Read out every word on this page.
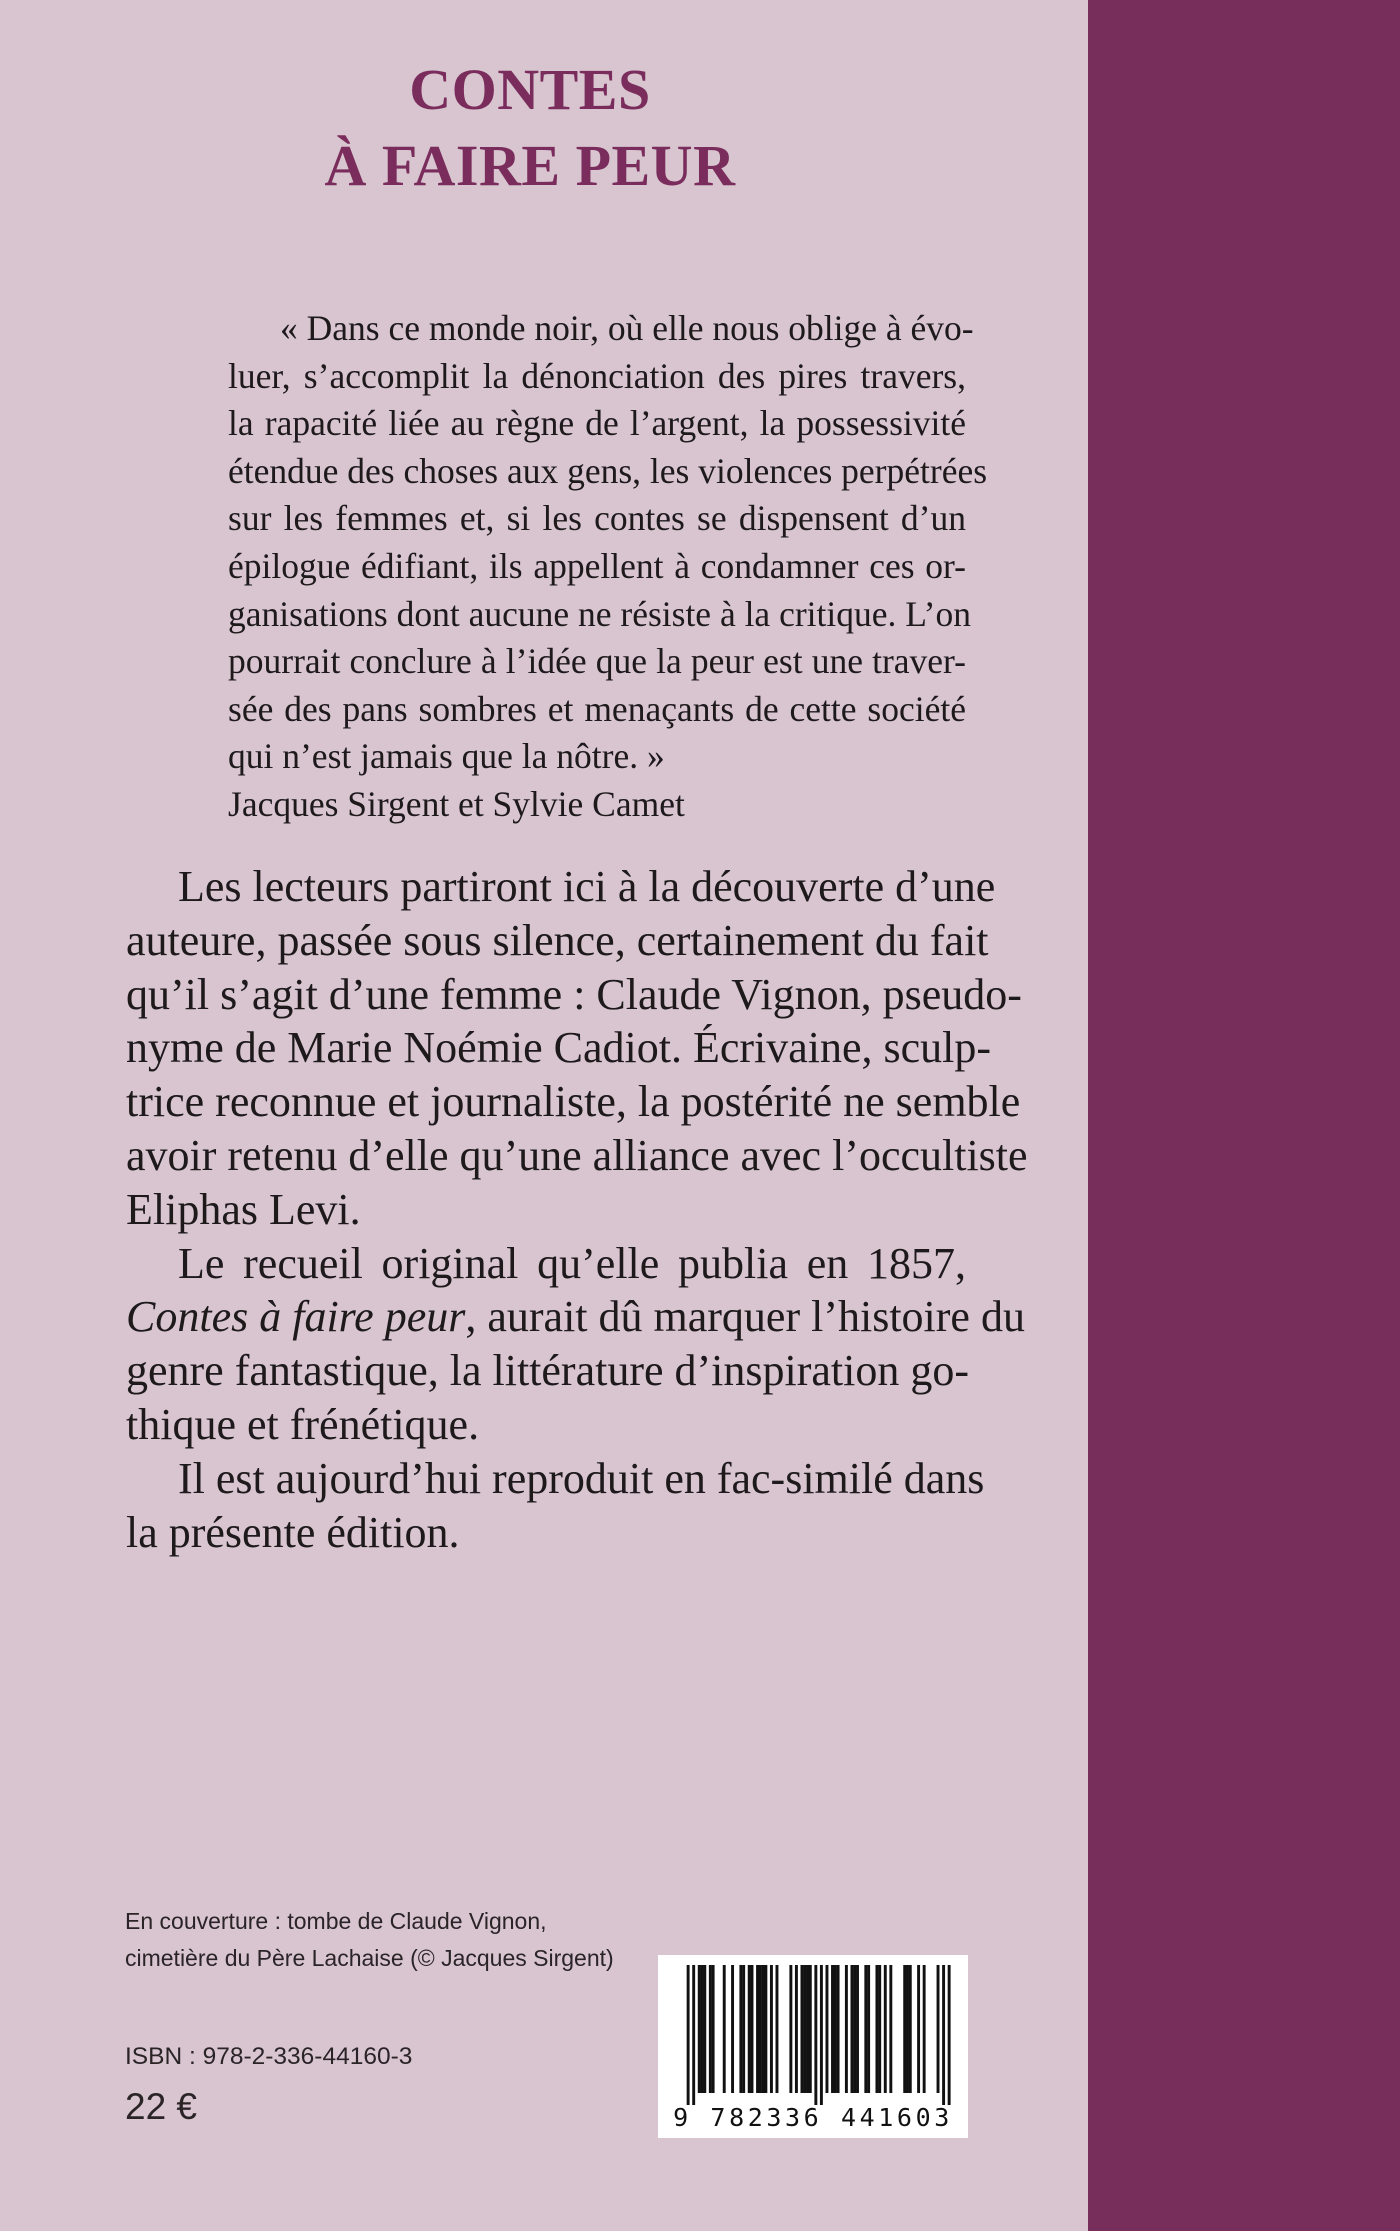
CONTES
À FAIRE PEUR
« Dans ce monde noir, où elle nous oblige à évo-
luer, s’accomplit la dénonciation des pires travers,
la rapacité liée au règne de l’argent, la possessivité
étendue des choses aux gens, les violences perpétrées
sur les femmes et, si les contes se dispensent d’un
épilogue édifiant, ils appellent à condamner ces or-
ganisations dont aucune ne résiste à la critique. L’on
pourrait conclure à l’idée que la peur est une traver-
sée des pans sombres et menaçants de cette société
qui n’est jamais que la nôtre. »
Jacques Sirgent et Sylvie Camet
Les lecteurs partiront ici à la découverte d’une
auteure, passée sous silence, certainement du fait
qu’il s’agit d’une femme : Claude Vignon, pseudo-
nyme de Marie Noémie Cadiot. Écrivaine, sculp-
trice reconnue et journaliste, la postérité ne semble
avoir retenu d’elle qu’une alliance avec l’occultiste
Eliphas Levi.
Le recueil original qu’elle publia en 1857,
Contes à faire peur, aurait dû marquer l’histoire du
genre fantastique, la littérature d’inspiration go-
thique et frénétique.
Il est aujourd’hui reproduit en fac-similé dans
la présente édition.
En couverture : tombe de Claude Vignon,
cimetière du Père Lachaise (© Jacques Sirgent)
ISBN : 978-2-336-44160-3
22 €	9 782336 441603
